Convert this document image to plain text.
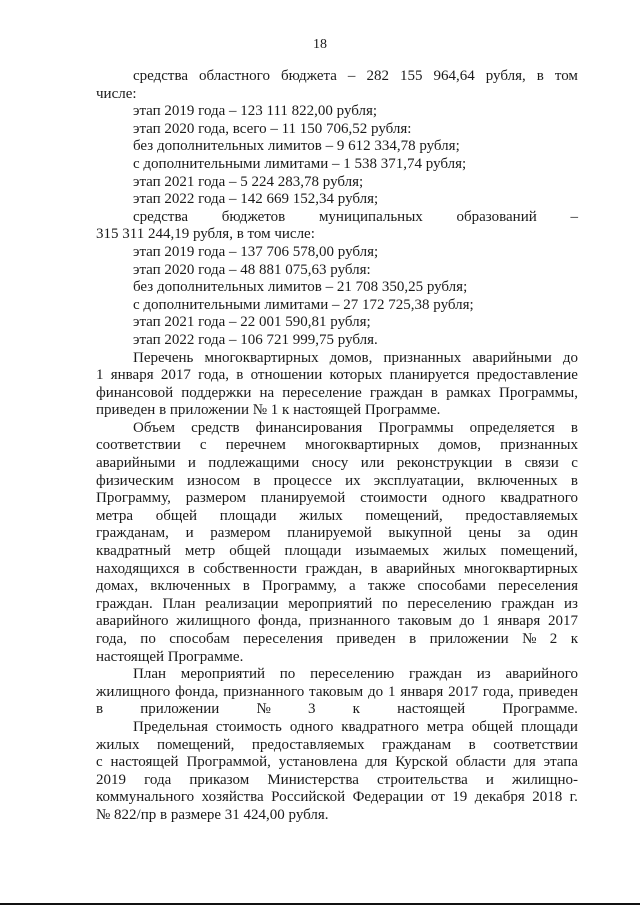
18
средства областного бюджета – 282 155 964,64 рубля, в том
числе:
этап 2019 года – 123 111 822,00 рубля;
этап 2020 года, всего – 11 150 706,52 рубля:
без дополнительных лимитов – 9 612 334,78 рубля;
с дополнительными лимитами – 1 538 371,74 рубля;
этап 2021 года – 5 224 283,78 рубля;
этап 2022 года – 142 669 152,34 рубля;
средства бюджетов муниципальных образований –
315 311 244,19 рубля, в том числе:
этап 2019 года – 137 706 578,00 рубля;
этап 2020 года – 48 881 075,63 рубля:
без дополнительных лимитов – 21 708 350,25 рубля;
с дополнительными лимитами – 27 172 725,38 рубля;
этап 2021 года – 22 001 590,81 рубля;
этап 2022 года – 106 721 999,75 рубля.
Перечень многоквартирных домов, признанных аварийными до
1 января 2017 года, в отношении которых планируется предоставление
финансовой поддержки на переселение граждан в рамках Программы,
приведен в приложении № 1 к настоящей Программе.
Объем средств финансирования Программы определяется в
соответствии с перечнем многоквартирных домов, признанных
аварийными и подлежащими сносу или реконструкции в связи с
физическим износом в процессе их эксплуатации, включенных в
Программу, размером планируемой стоимости одного квадратного
метра общей площади жилых помещений, предоставляемых
гражданам, и размером планируемой выкупной цены за один
квадратный метр общей площади изымаемых жилых помещений,
находящихся в собственности граждан, в аварийных многоквартирных
домах, включенных в Программу, а также способами переселения
граждан. План реализации мероприятий по переселению граждан из
аварийного жилищного фонда, признанного таковым до 1 января 2017
года, по способам переселения приведен в приложении № 2 к
настоящей Программе.
План мероприятий по переселению граждан из аварийного
жилищного фонда, признанного таковым до 1 января 2017 года, приведен
в приложении № 3 к настоящей Программе.
Предельная стоимость одного квадратного метра общей площади
жилых помещений, предоставляемых гражданам в соответствии
с настоящей Программой, установлена для Курской области для этапа
2019 года приказом Министерства строительства и жилищно-
коммунального хозяйства Российской Федерации от 19 декабря 2018 г.
№ 822/пр в размере 31 424,00 рубля.
